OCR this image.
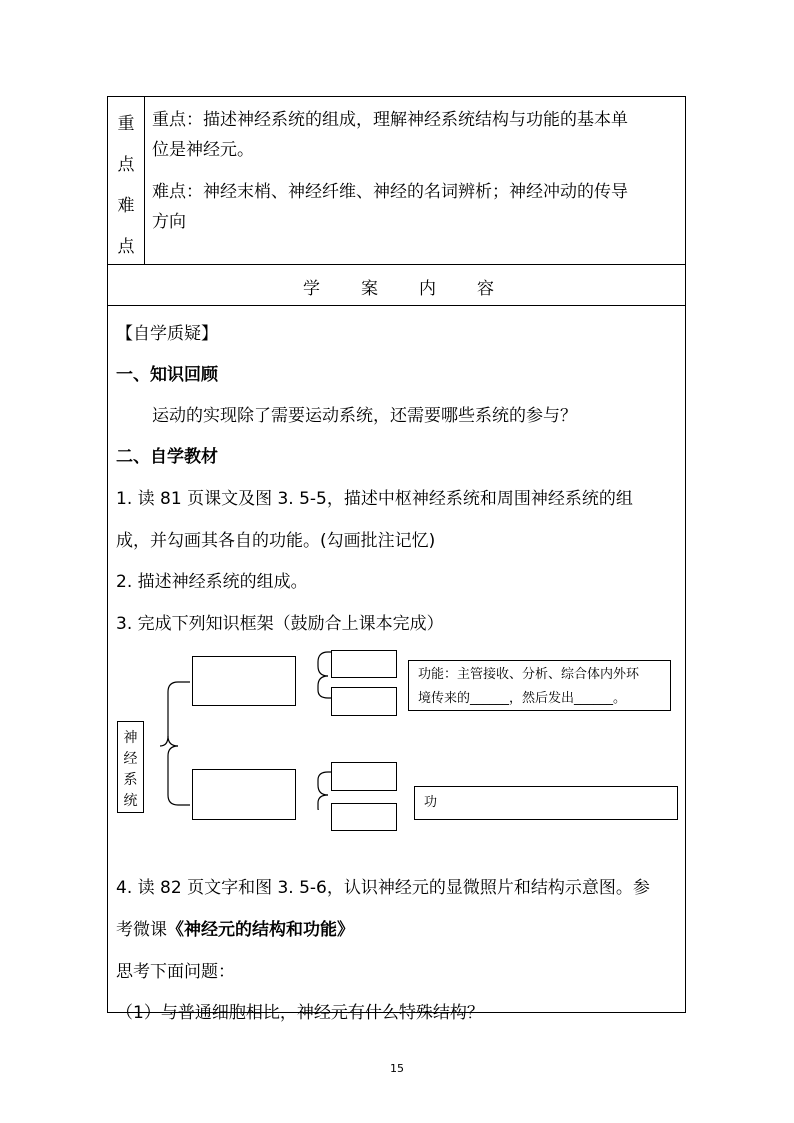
重
点
难
点
重点：描述神经系统的组成，理解神经系统结构与功能的基本单
位是神经元。
难点：神经末梢、神经纤维、神经的名词辨析；神经冲动的传导
方向
学 案 内 容
【自学质疑】
一、知识回顾
运动的实现除了需要运动系统，还需要哪些系统的参与？
二、自学教材
1. 读 81 页课文及图 3. 5-5，描述中枢神经系统和周围神经系统的组
成，并勾画其各自的功能。(勾画批注记忆)
2. 描述神经系统的组成。
3. 完成下列知识框架（鼓励合上课本完成）
神
经
系
统
功能：主管接收、分析、综合体内外环
境传来的______，然后发出______。
功
4. 读 82 页文字和图 3. 5-6，认识神经元的显微照片和结构示意图。参
考微课《神经元的结构和功能》
思考下面问题：
（1）与普通细胞相比，神经元有什么特殊结构？
15
